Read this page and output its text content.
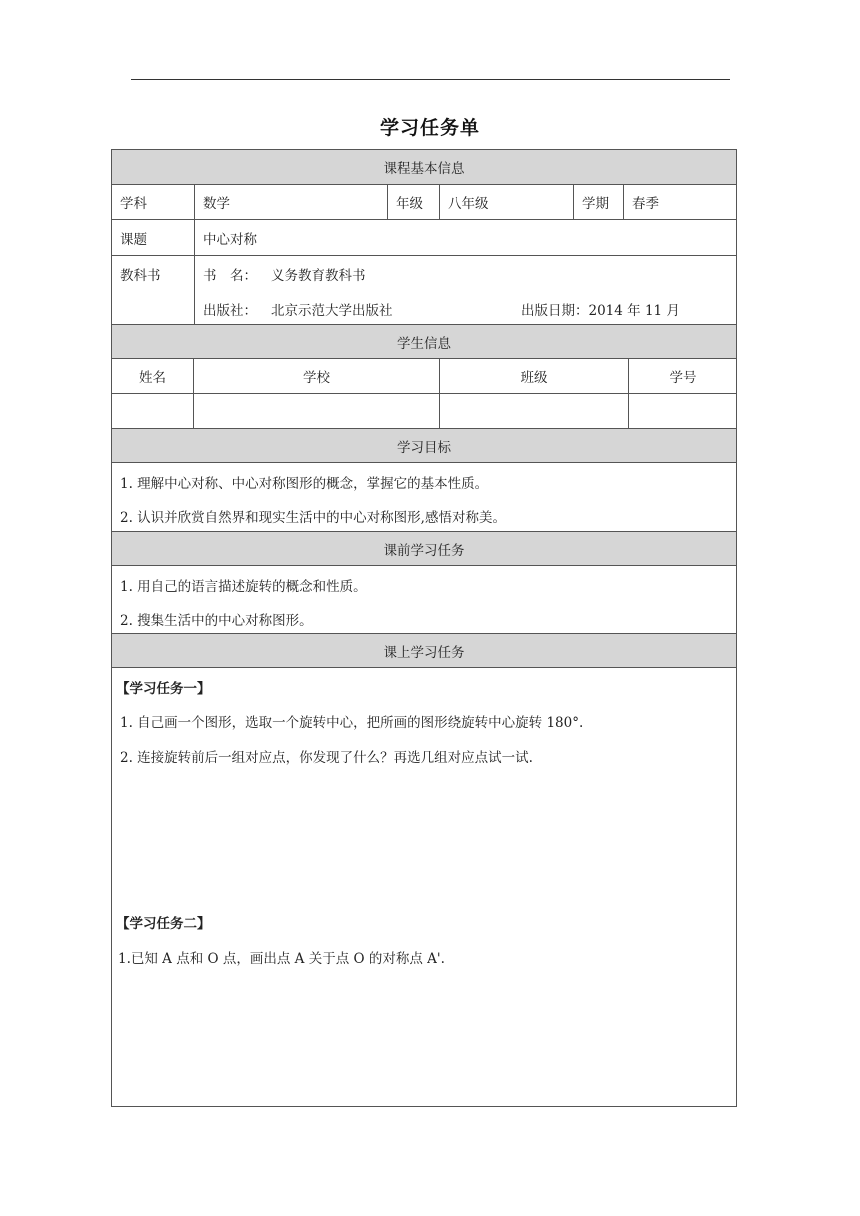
学习任务单
课程基本信息
学科	数学	年级	八年级	学期	春季
课题	中心对称
教科书	书　名： 义务教育教科书
出版社： 北京示范大学出版社	出版日期：2014 年 11 月
学生信息
姓名	学校	班级	学号
学习目标
1. 理解中心对称、中心对称图形的概念，掌握它的基本性质。
2. 认识并欣赏自然界和现实生活中的中心对称图形,感悟对称美。
课前学习任务
1. 用自己的语言描述旋转的概念和性质。
2. 搜集生活中的中心对称图形。
课上学习任务
【学习任务一】
1. 自己画一个图形，选取一个旋转中心，把所画的图形绕旋转中心旋转 180°.
2. 连接旋转前后一组对应点，你发现了什么？再选几组对应点试一试.
【学习任务二】
1.已知 A 点和 O 点，画出点 A 关于点 O 的对称点 A'.
